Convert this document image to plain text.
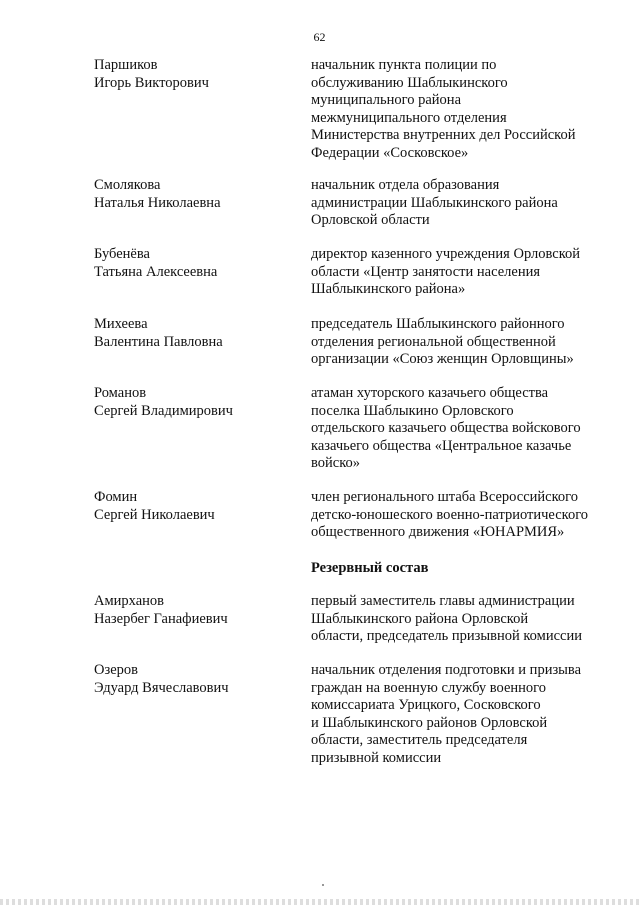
62
Паршиков
Игорь Викторович
начальник пункта полиции по
обслуживанию Шаблыкинского
муниципального района
межмуниципального отделения
Министерства внутренних дел Российской
Федерации «Сосковское»
Смолякова
Наталья Николаевна
начальник отдела образования
администрации Шаблыкинского района
Орловской области
Бубенёва
Татьяна Алексеевна
директор казенного учреждения Орловской
области «Центр занятости населения
Шаблыкинского района»
Михеева
Валентина Павловна
председатель Шаблыкинского районного
отделения региональной общественной
организации «Союз женщин Орловщины»
Романов
Сергей Владимирович
атаман хуторского казачьего общества
поселка Шаблыкино Орловского
отдельского казачьего общества войскового
казачьего общества «Центральное казачье
войско»
Фомин
Сергей Николаевич
член регионального штаба Всероссийского
детско-юношеского военно-патриотического
общественного движения «ЮНАРМИЯ»
Резервный состав
Амирханов
Назербег Ганафиевич
первый заместитель главы администрации
Шаблыкинского района Орловской
области, председатель призывной комиссии
Озеров
Эдуард Вячеславович
начальник отделения подготовки и призыва
граждан на военную службу военного
комиссариата Урицкого, Сосковского
и Шаблыкинского районов Орловской
области, заместитель председателя
призывной комиссии
